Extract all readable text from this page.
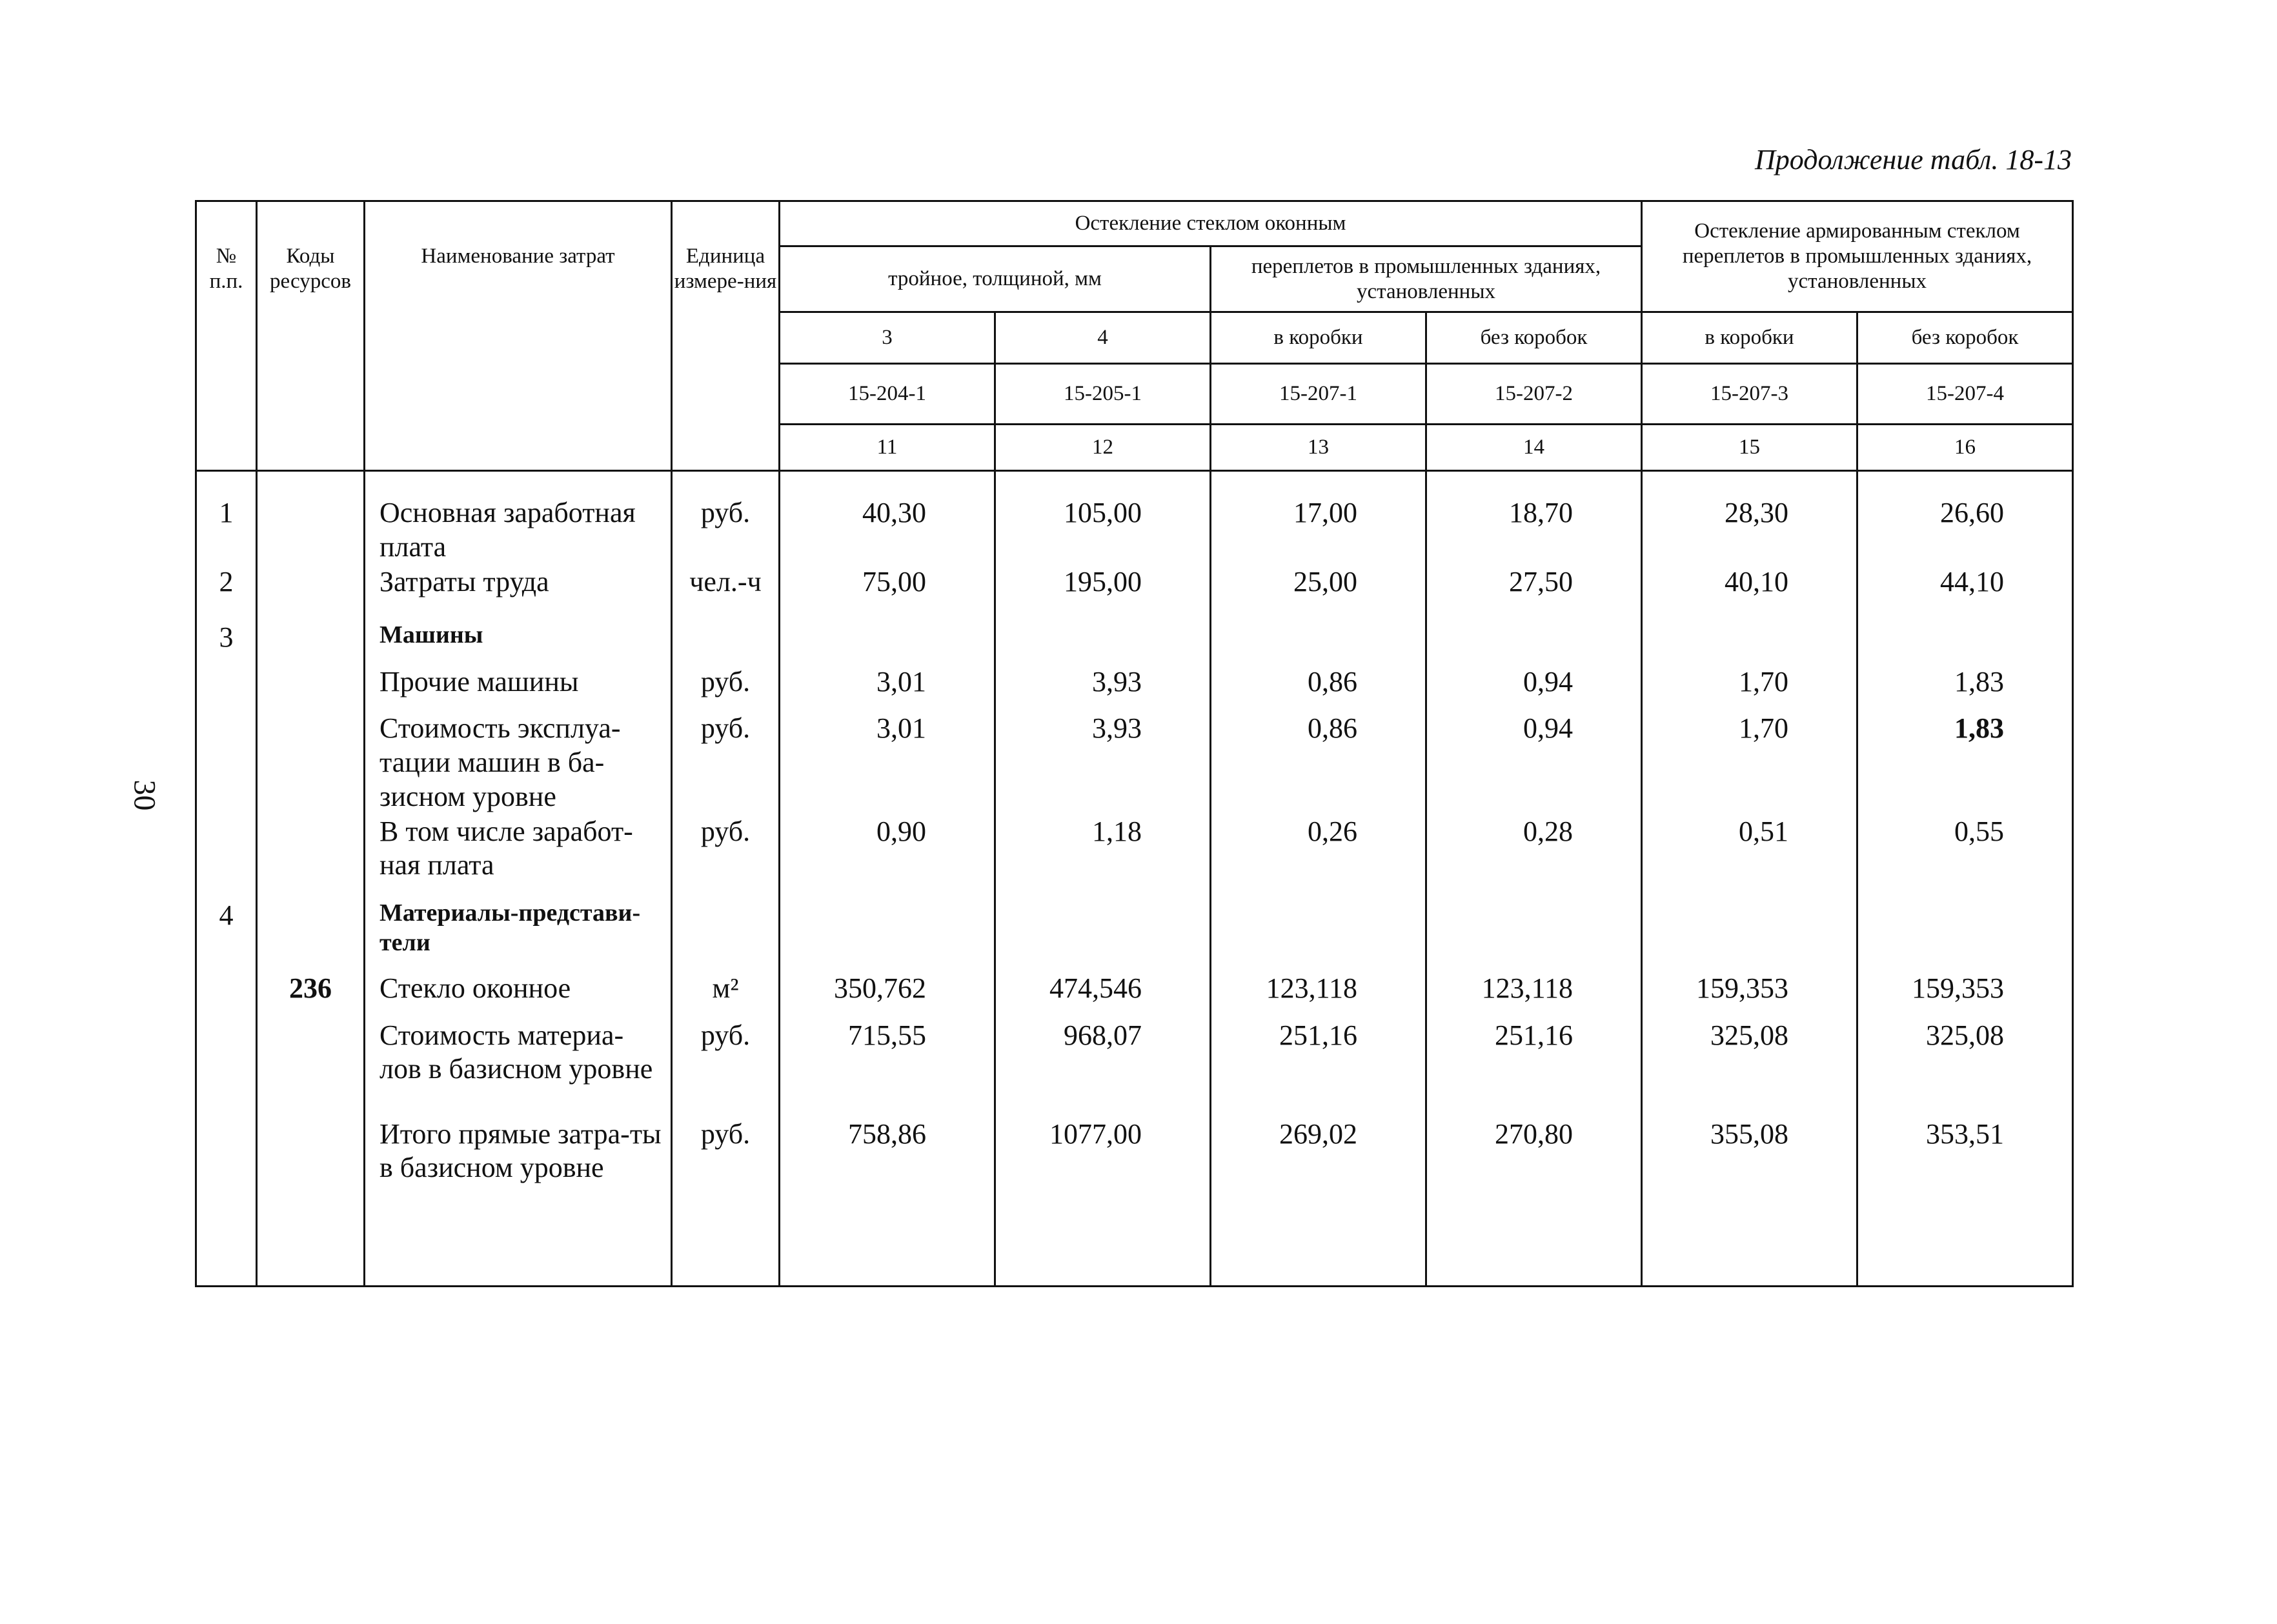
Продолжение табл. 18-13
30
№ п.п.	Коды ресурсов	Наименование затрат	Единица измере-ния	Остекление стеклом оконным				Остекление армированным стеклом переплетов в промышленных зданиях, установленных	
				тройное, толщиной, мм		переплетов в промышленных зданиях, установленных			
				3	4	в коробки	без коробок	в коробки	без коробок
				15-204-1	15-205-1	15-207-1	15-207-2	15-207-3	15-207-4
				11	12	13	14	15	16
1		Основная заработная плата	руб.	40,30	105,00	17,00	18,70	28,30	26,60
2		Затраты труда	чел.-ч	75,00	195,00	25,00	27,50	40,10	44,10
3		Машины							
		Прочие машины	руб.	3,01	3,93	0,86	0,94	1,70	1,83
		Стоимость эксплуа-тации машин в ба-зисном уровне	руб.	3,01	3,93	0,86	0,94	1,70	1,83
		В том числе заработ-ная плата	руб.	0,90	1,18	0,26	0,28	0,51	0,55
4		Материалы-представи-тели							
	236	Стекло оконное	м²	350,762	474,546	123,118	123,118	159,353	159,353
		Стоимость материа-лов в базисном уровне	руб.	715,55	968,07	251,16	251,16	325,08	325,08
		Итого прямые затра-ты в базисном уровне	руб.	758,86	1077,00	269,02	270,80	355,08	353,51
